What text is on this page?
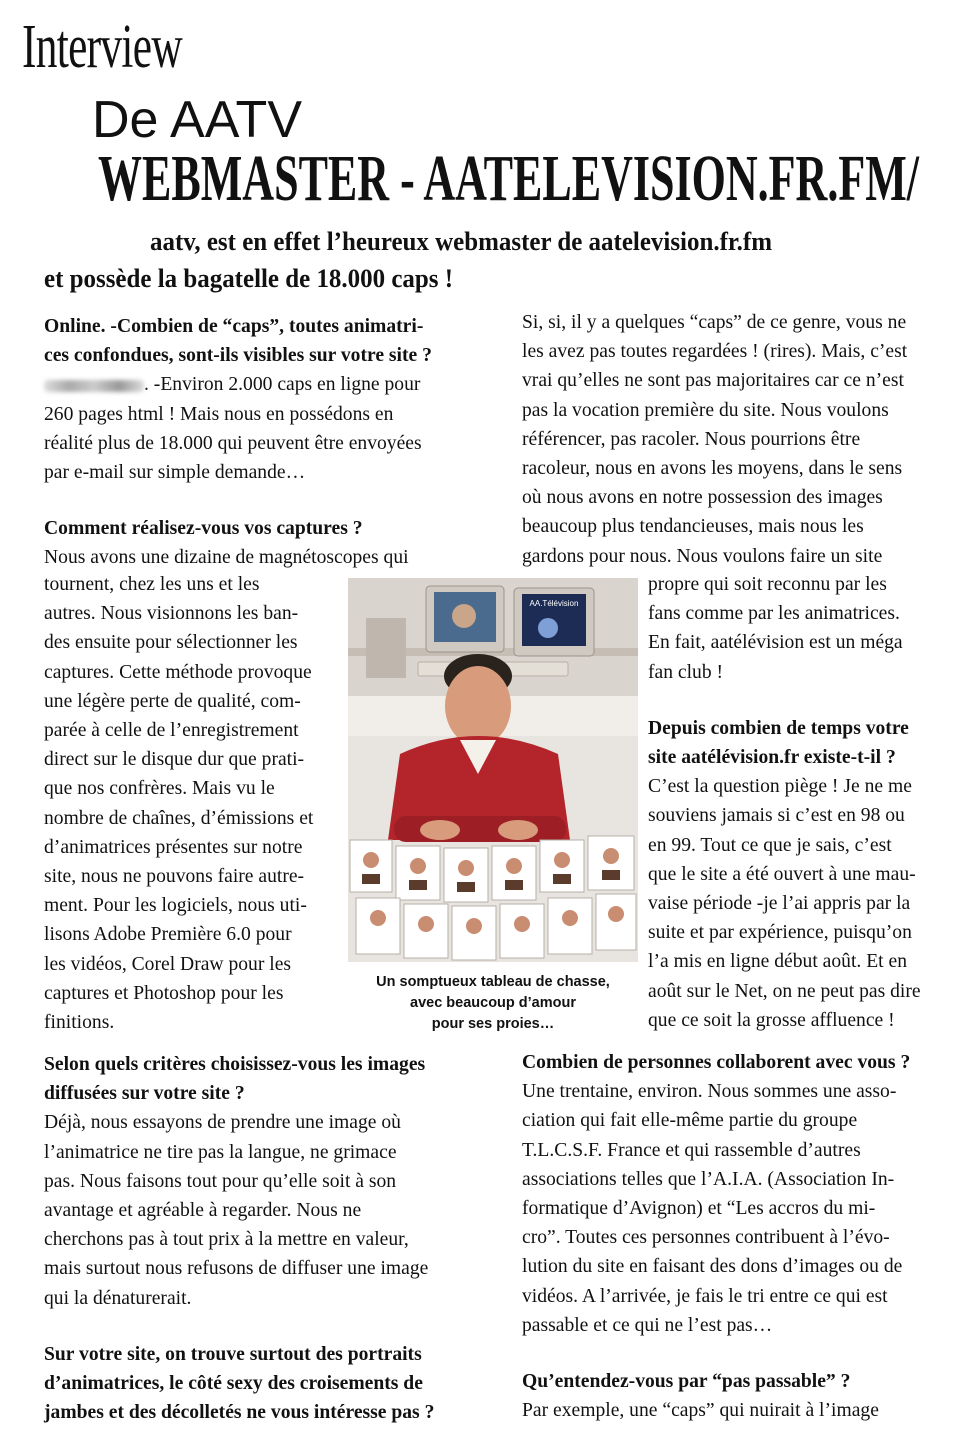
Interview
De AATV
WEBMASTER - AATELEVISION.FR.FM/
aatv, est en effet l’heureux webmaster de aatelevision.fr.fm
et possède la bagatelle de 18.000 caps !

Online. -Combien de “caps”, toutes animatri-

ces confondues, sont-ils visibles sur votre site ?

. -Environ 2.000 caps en ligne pour

260 pages html ! Mais nous en possédons en

réalité plus de 18.000 qui peuvent être envoyées

par e-mail sur simple demande…

Comment réalisez-vous vos captures ?

Nous avons une dizaine de magnétoscopes qui

tournent, chez les uns et les

autres. Nous visionnons les ban-

des ensuite pour sélectionner les

captures. Cette méthode provoque

une légère perte de qualité, com-

parée à celle de l’enregistrement

direct sur le disque dur que prati-

que nos confrères. Mais vu le

nombre de chaînes, d’émissions et

d’animatrices présentes sur notre

site, nous ne pouvons faire autre-

ment. Pour les logiciels, nous uti-

lisons Adobe Première 6.0 pour

les vidéos, Corel Draw pour les

captures et Photoshop pour les

finitions.

Selon quels critères choisissez-vous les images

diffusées sur votre site ?

Déjà, nous essayons de prendre une image où

l’animatrice ne tire pas la langue, ne grimace

pas. Nous faisons tout pour qu’elle soit à son

avantage et agréable à regarder. Nous ne

cherchons pas à tout prix à la mettre en valeur,

mais surtout nous refusons de diffuser une image

qui la dénaturerait.

Sur votre site, on trouve surtout des portraits

d’animatrices, le côté sexy des croisements de

jambes et des décolletés ne vous intéresse pas ?

Si, si, il y a quelques “caps” de ce genre, vous ne

les avez pas toutes regardées ! (rires). Mais, c’est

vrai qu’elles ne sont pas majoritaires car ce n’est

pas la vocation première du site. Nous voulons

référencer, pas racoler. Nous pourrions être

racoleur, nous en avons les moyens, dans le sens

où nous avons en notre possession des images

beaucoup plus tendancieuses, mais nous les

gardons pour nous. Nous voulons faire un site

propre qui soit reconnu par les

fans comme par les animatrices.

En fait, aatélévision est un méga

fan club !

Depuis combien de temps votre

site aatélévision.fr existe-t-il ?

C’est la question piège ! Je ne me

souviens jamais si c’est en 98 ou

en 99. Tout ce que je sais, c’est

que le site a été ouvert à une mau-

vaise période -je l’ai appris par la

suite et par expérience, puisqu’on

l’a mis en ligne début août. Et en

août sur le Net, on ne peut pas dire

que ce soit la grosse affluence !

Combien de personnes collaborent avec vous ?

Une trentaine, environ. Nous sommes une asso-

ciation qui fait elle-même partie du groupe

T.L.C.S.F. France et qui rassemble d’autres

associations telles que l’A.I.A. (Association In-

formatique d’Avignon) et “Les accros du mi-

cro”. Toutes ces personnes contribuent à l’évo-

lution du site en faisant des dons d’images ou de

vidéos. A l’arrivée, je fais le tri entre ce qui est

passable et ce qui ne l’est pas…

Qu’entendez-vous par “pas passable” ?

Par exemple, une “caps” qui nuirait à l’image

AA.Télévision
Un somptueux tableau de chasse,
avec beaucoup d’amour
pour ses proies…
